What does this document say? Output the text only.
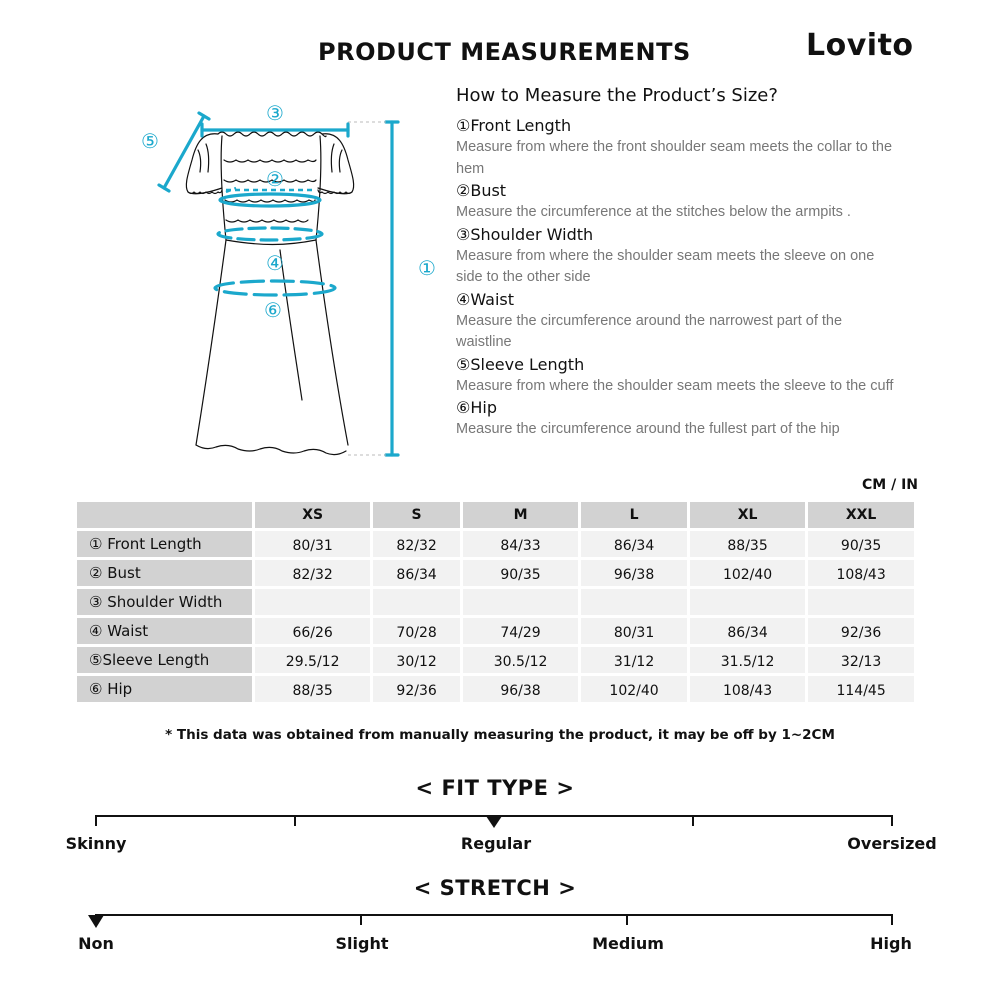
PRODUCT MEASUREMENTS	Lovito
③
⑤
②
④
⑥
①
How to Measure the Product’s Size?
①Front Length
Measure from where the front shoulder seam meets the collar to the hem
②Bust
Measure the circumference at the stitches below the armpits .
③Shoulder Width
Measure from where the shoulder seam meets the sleeve on one side to the other side
④Waist
Measure the circumference around the narrowest part of the waistline
⑤Sleeve Length
Measure from where the shoulder seam meets the sleeve to the cuff
⑥Hip
Measure the circumference around the fullest part of the hip
CM / IN
	XS	S	M	L	XL	XXL
① Front Length	80/31	82/32	84/33	86/34	88/35	90/35
② Bust	82/32	86/34	90/35	96/38	102/40	108/43
③ Shoulder Width						
④ Waist	66/26	70/28	74/29	80/31	86/34	92/36
⑤Sleeve Length	29.5/12	30/12	30.5/12	31/12	31.5/12	32/13
⑥ Hip	88/35	92/36	96/38	102/40	108/43	114/45
* This data was obtained from manually measuring the product, it may be off by 1~2CM
< FIT TYPE >
Skinny	Regular	Oversized
< STRETCH >
Non	Slight	Medium	High
